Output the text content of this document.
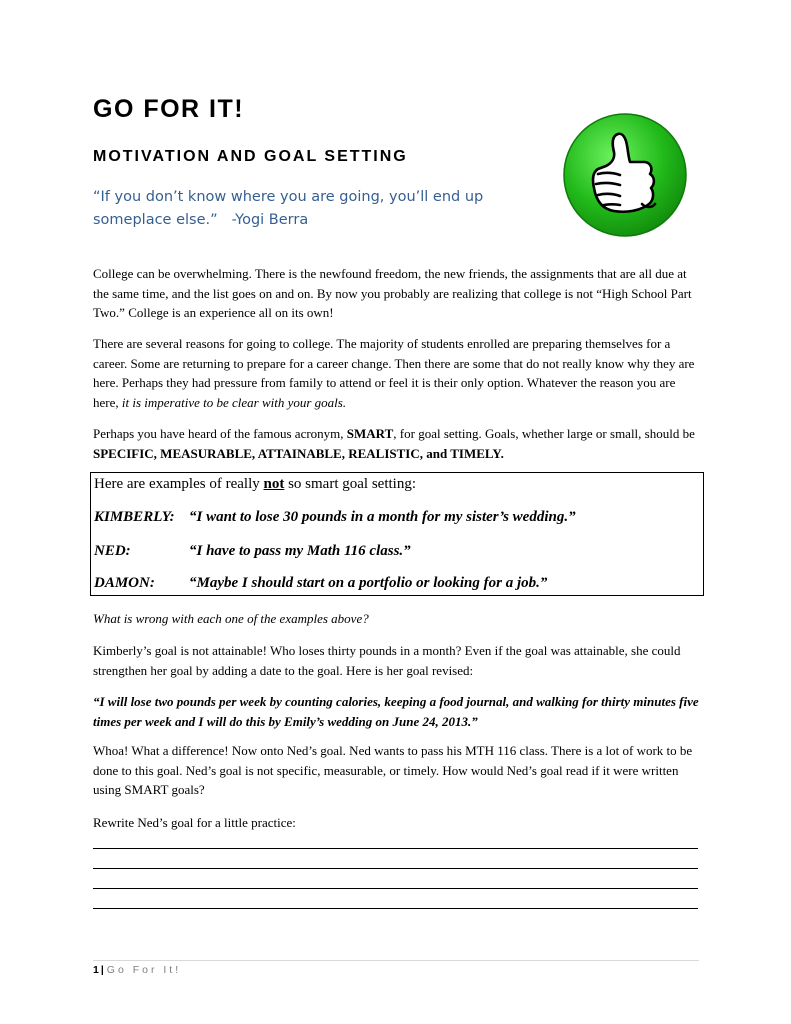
GO FOR IT!
MOTIVATION AND GOAL SETTING

“If you don’t know where you are going, you’ll end up
someplace else.” -Yogi Berra

College can be overwhelming. There is the newfound freedom, the new friends, the assignments that are all due at the same time, and the list goes on and on. By now you probably are realizing that college is not “High School Part Two.” College is an experience all on its own!

There are several reasons for going to college. The majority of students enrolled are preparing themselves for a career. Some are returning to prepare for a career change. Then there are some that do not really know why they are here. Perhaps they had pressure from family to attend or feel it is their only option. Whatever the reason you are here, it is imperative to be clear with your goals.

Perhaps you have heard of the famous acronym, SMART, for goal setting. Goals, whether large or small, should be SPECIFIC, MEASURABLE, ATTAINABLE, REALISTIC, and TIMELY.

Here are examples of really not so smart goal setting:

KIMBERLY: “I want to lose 30 pounds in a month for my sister’s wedding.”

NED:	“I have to pass my Math 116 class.”

DAMON: “Maybe I should start on a portfolio or looking for a job.”

What is wrong with each one of the examples above?

Kimberly’s goal is not attainable! Who loses thirty pounds in a month? Even if the goal was attainable, she could strengthen her goal by adding a date to the goal. Here is her goal revised:

“I will lose two pounds per week by counting calories, keeping a food journal, and walking for thirty minutes five times per week and I will do this by Emily’s wedding on June 24, 2013.”

Whoa! What a difference! Now onto Ned’s goal. Ned wants to pass his MTH 116 class. There is a lot of work to be done to this goal. Ned’s goal is not specific, measurable, or timely. How would Ned’s goal read if it were written using SMART goals?

Rewrite Ned’s goal for a little practice:

1 | Go For It!
